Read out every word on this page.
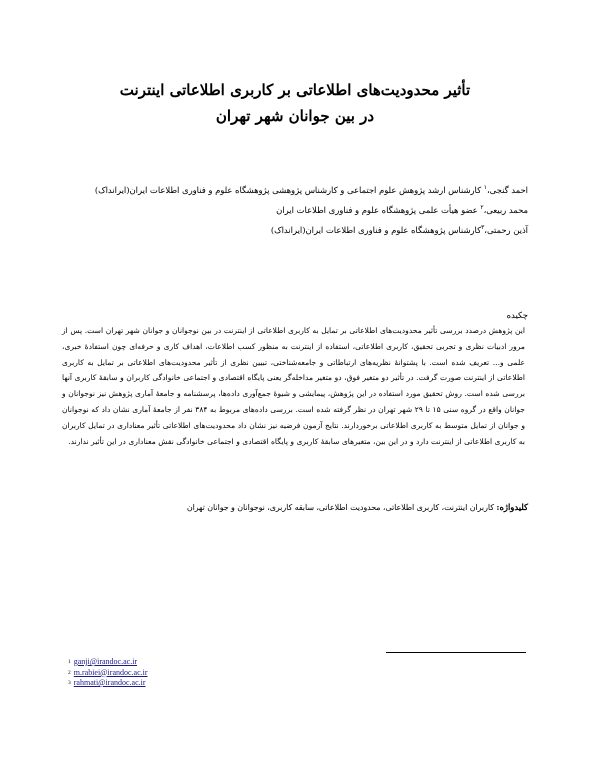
تأثیر محدودیت‌های اطلاعاتی بر کاربری اطلاعاتی اینترنت
در بین جوانان شهر تهران
احمد گنجی،$^۱$ کارشناس ارشد پژوهش علوم اجتماعی و کارشناس پژوهشی پژوهشگاه علوم و فناوری اطلاعات ایران(ایرانداک)
محمد ربیعی،$^۲$ عضو هیأت علمی پژوهشگاه علوم و فناوری اطلاعات ایران
آذین رحمتی،$^۳$کارشناس پژوهشگاه علوم و فناوری اطلاعات ایران(ایرانداک)
چکیده
این پژوهش درصدد بررسی تأثیر محدودیت‌های اطلاعاتی بر تمایل به کاربری اطلاعاتی از اینترنت در بین نوجوانان و جوانان شهر تهران است. پس از مرور ادبیات نظری و تجربی تحقیق، کاربری اطلاعاتی، استفاده از اینترنت به منظور کسب اطلاعات، اهداف کاری و حرفه‌ای چون استفادهٔ خبری، علمی و... تعریف شده است. با پشتوانهٔ نظریه‌های ارتباطاتی و جامعه‌شناختی، تبیین نظری از تأثیر محدودیت‌های اطلاعاتی بر تمایل به کاربری اطلاعاتی از اینترنت صورت گرفت. در تأثیر دو متغیر فوق، دو متغیر مداخله‌گر یعنی پایگاه اقتصادی و اجتماعی خانوادگی کاربران و سابقهٔ کاربری آنها بررسی شده است. روش تحقیق مورد استفاده در این پژوهش، پیمایشی و شیوهٔ جمع‌آوری داده‌ها، پرسشنامه و جامعهٔ آماری پژوهش نیز نوجوانان و جوانان واقع در گروه سنی ۱۵ تا ۲۹ شهر تهران در نظر گرفته شده است. بررسی داده‌های مربوط به ۳۸۴ نفر از جامعهٔ آماری نشان داد که نوجوانان و جوانان از تمایل متوسط به کاربری اطلاعاتی برخوردارند. نتایج آزمون فرضیه نیز نشان داد محدودیت‌های اطلاعاتی تأثیر معناداری در تمایل کاربران به کاربری اطلاعاتی از اینترنت دارد و در این بین، متغیرهای سابقهٔ کاربری و پایگاه اقتصادی و اجتماعی خانوادگی نقش معناداری در این تأثیر ندارند.
کلیدواژه: کاربران اینترنت، کاربری اطلاعاتی، محدودیت اطلاعاتی، سابقه کاربری، نوجوانان و جوانان تهران
$^1$ ganji@irandoc.ac.ir
$^2$ m.rabiei@irandoc.ac.ir
$^3$ rahmati@irandoc.ac.ir
